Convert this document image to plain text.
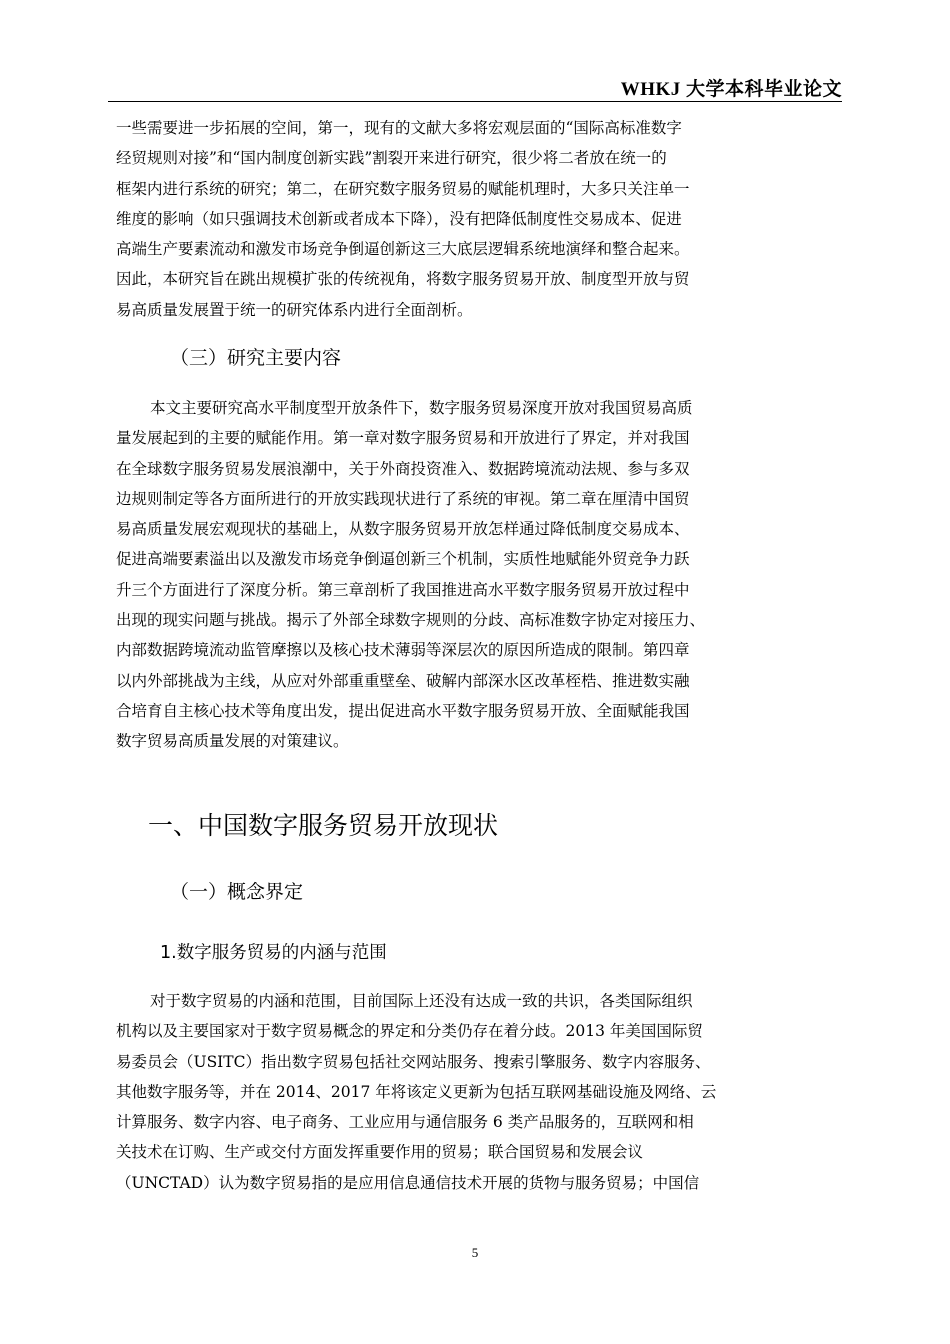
WHKJ 大学本科毕业论文
一些需要进一步拓展的空间，第一，现有的文献大多将宏观层面的“国际高标准数字
经贸规则对接”和“国内制度创新实践”割裂开来进行研究，很少将二者放在统一的
框架内进行系统的研究；第二，在研究数字服务贸易的赋能机理时，大多只关注单一
维度的影响（如只强调技术创新或者成本下降），没有把降低制度性交易成本、促进
高端生产要素流动和激发市场竞争倒逼创新这三大底层逻辑系统地演绎和整合起来。
因此，本研究旨在跳出规模扩张的传统视角，将数字服务贸易开放、制度型开放与贸
易高质量发展置于统一的研究体系内进行全面剖析。
（三）研究主要内容
本文主要研究高水平制度型开放条件下，数字服务贸易深度开放对我国贸易高质
量发展起到的主要的赋能作用。第一章对数字服务贸易和开放进行了界定，并对我国
在全球数字服务贸易发展浪潮中，关于外商投资准入、数据跨境流动法规、参与多双
边规则制定等各方面所进行的开放实践现状进行了系统的审视。第二章在厘清中国贸
易高质量发展宏观现状的基础上，从数字服务贸易开放怎样通过降低制度交易成本、
促进高端要素溢出以及激发市场竞争倒逼创新三个机制，实质性地赋能外贸竞争力跃
升三个方面进行了深度分析。第三章剖析了我国推进高水平数字服务贸易开放过程中
出现的现实问题与挑战。揭示了外部全球数字规则的分歧、高标准数字协定对接压力、
内部数据跨境流动监管摩擦以及核心技术薄弱等深层次的原因所造成的限制。第四章
以内外部挑战为主线，从应对外部重重壁垒、破解内部深水区改革桎梏、推进数实融
合培育自主核心技术等角度出发，提出促进高水平数字服务贸易开放、全面赋能我国
数字贸易高质量发展的对策建议。
一、中国数字服务贸易开放现状
（一）概念界定
1.数字服务贸易的内涵与范围
对于数字贸易的内涵和范围，目前国际上还没有达成一致的共识，各类国际组织
机构以及主要国家对于数字贸易概念的界定和分类仍存在着分歧。2013 年美国国际贸
易委员会（USITC）指出数字贸易包括社交网站服务、搜索引擎服务、数字内容服务、
其他数字服务等，并在 2014、2017 年将该定义更新为包括互联网基础设施及网络、云
计算服务、数字内容、电子商务、工业应用与通信服务 6 类产品服务的，互联网和相
关技术在订购、生产或交付方面发挥重要作用的贸易；联合国贸易和发展会议
（UNCTAD）认为数字贸易指的是应用信息通信技术开展的货物与服务贸易；中国信
5
